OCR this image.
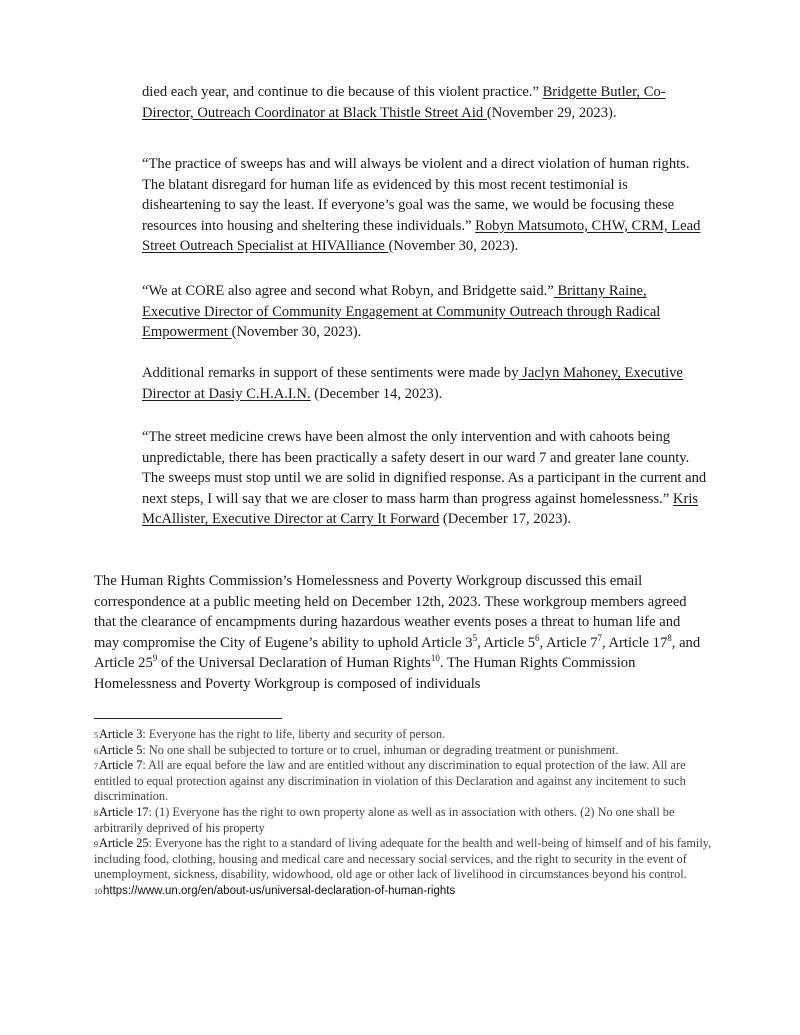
died each year, and continue to die because of this violent practice.” Bridgette Butler, Co-Director, Outreach Coordinator at Black Thistle Street Aid (November 29, 2023).

“The practice of sweeps has and will always be violent and a direct violation of human rights. The blatant disregard for human life as evidenced by this most recent testimonial is disheartening to say the least. If everyone’s goal was the same, we would be focusing these resources into housing and sheltering these individuals.” Robyn Matsumoto, CHW, CRM, Lead Street Outreach Specialist at HIVAlliance (November 30, 2023).

“We at CORE also agree and second what Robyn, and Bridgette said.” Brittany Raine, Executive Director of Community Engagement at Community Outreach through Radical Empowerment (November 30, 2023).

Additional remarks in support of these sentiments were made by Jaclyn Mahoney, Executive Director at Dasiy C.H.A.I.N. (December 14, 2023).

“The street medicine crews have been almost the only intervention and with cahoots being unpredictable, there has been practically a safety desert in our ward 7 and greater lane county. The sweeps must stop until we are solid in dignified response. As a participant in the current and next steps, I will say that we are closer to mass harm than progress against homelessness.” Kris McAllister, Executive Director at Carry It Forward (December 17, 2023).

The Human Rights Commission’s Homelessness and Poverty Workgroup discussed this email correspondence at a public meeting held on December 12th, 2023. These workgroup members agreed that the clearance of encampments during hazardous weather events poses a threat to human life and may compromise the City of Eugene’s ability to uphold Article $3^5$, Article $5^6$, Article $7^7$, Article $17^8$, and Article $25^9$ of the Universal Declaration of Human Rights$^{10}$. The Human Rights Commission Homelessness and Poverty Workgroup is composed of individuals

$^5$Article 3: Everyone has the right to life, liberty and security of person.

$^6$Article 5: No one shall be subjected to torture or to cruel, inhuman or degrading treatment or punishment.

$^7$Article 7: All are equal before the law and are entitled without any discrimination to equal protection of the law. All are entitled to equal protection against any discrimination in violation of this Declaration and against any incitement to such discrimination.

$^8$Article 17: (1) Everyone has the right to own property alone as well as in association with others. (2) No one shall be arbitrarily deprived of his property

$^9$Article 25: Everyone has the right to a standard of living adequate for the health and well-being of himself and of his family, including food, clothing, housing and medical care and necessary social services, and the right to security in the event of unemployment, sickness, disability, widowhood, old age or other lack of livelihood in circumstances beyond his control.

$^{10}$https://www.un.org/en/about-us/universal-declaration-of-human-rights
